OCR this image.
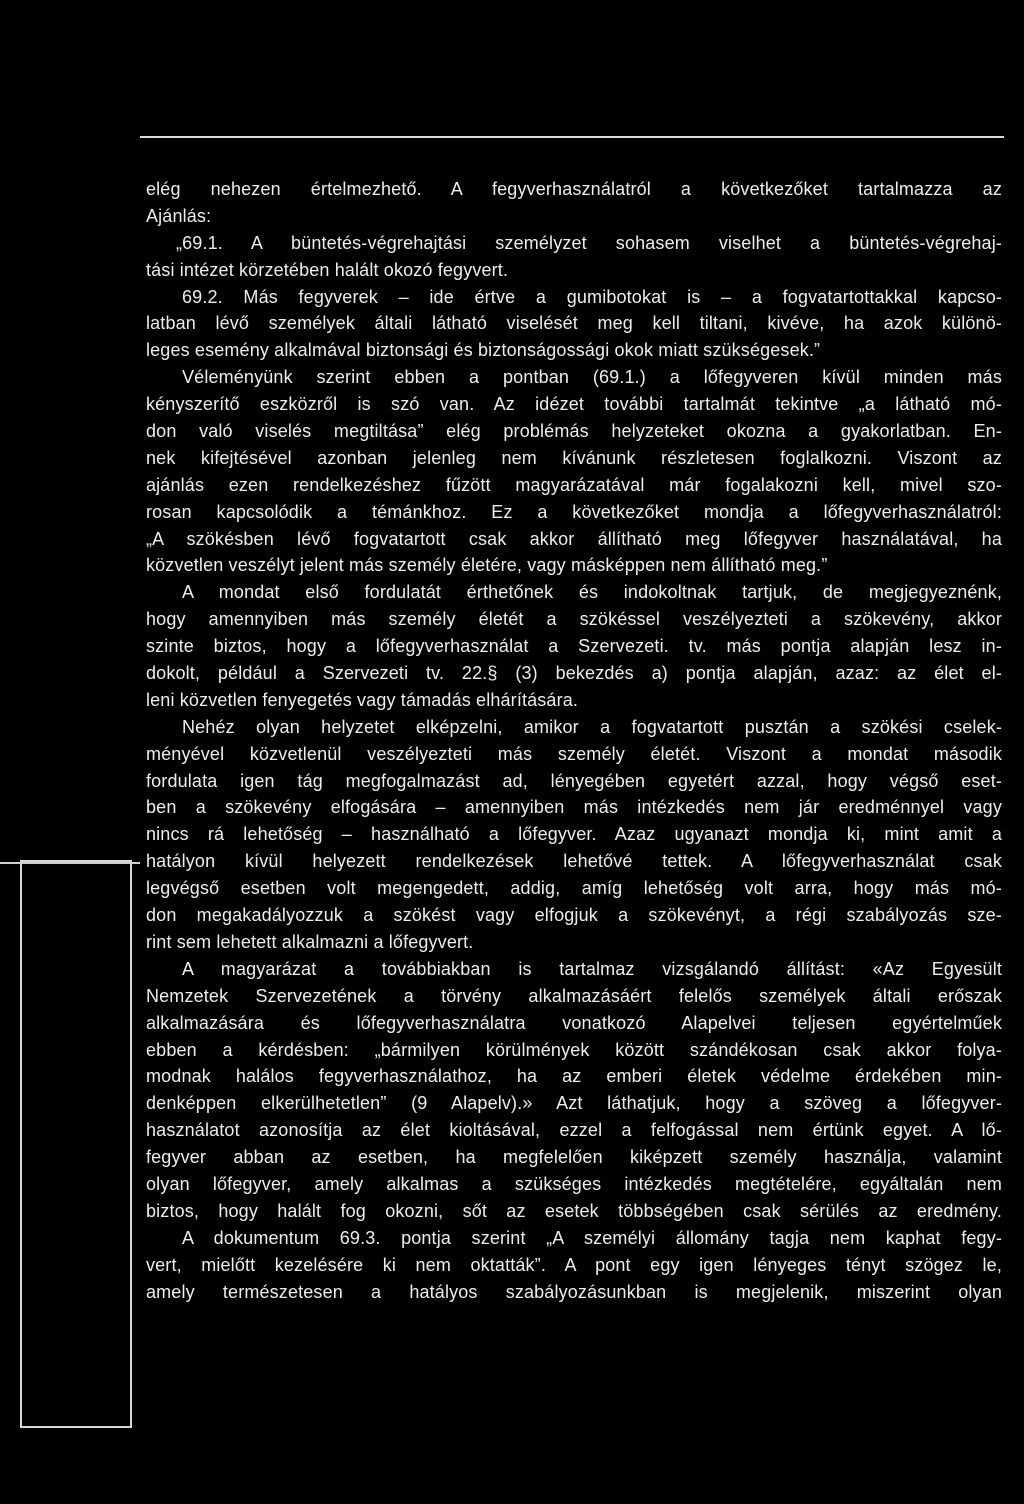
elég nehezen értelmezhető. A fegyverhasználatról a következőket tartalmazza az
Ajánlás:
„69.1. A büntetés-végrehajtási személyzet sohasem viselhet a büntetés-végrehaj-
tási intézet körzetében halált okozó fegyvert.
69.2. Más fegyverek – ide értve a gumibotokat is – a fogvatartottakkal kapcso-
latban lévő személyek általi látható viselését meg kell tiltani, kivéve, ha azok különö-
leges esemény alkalmával biztonsági és biztonságossági okok miatt szükségesek.”
Véleményünk szerint ebben a pontban (69.1.) a lőfegyveren kívül minden más
kényszerítő eszközről is szó van. Az idézet további tartalmát tekintve „a látható mó-
don való viselés megtiltása” elég problémás helyzeteket okozna a gyakorlatban. En-
nek kifejtésével azonban jelenleg nem kívánunk részletesen foglalkozni. Viszont az
ajánlás ezen rendelkezéshez fűzött magyarázatával már fogalakozni kell, mivel szo-
rosan kapcsolódik a témánkhoz. Ez a következőket mondja a lőfegyverhasználatról:
„A szökésben lévő fogvatartott csak akkor állítható meg lőfegyver használatával, ha
közvetlen veszélyt jelent más személy életére, vagy másképpen nem állítható meg.”
A mondat első fordulatát érthetőnek és indokoltnak tartjuk, de megjegyeznénk,
hogy amennyiben más személy életét a szökéssel veszélyezteti a szökevény, akkor
szinte biztos, hogy a lőfegyverhasználat a Szervezeti. tv. más pontja alapján lesz in-
dokolt, például a Szervezeti tv. 22.§ (3) bekezdés a) pontja alapján, azaz: az élet el-
leni közvetlen fenyegetés vagy támadás elhárítására.
Nehéz olyan helyzetet elképzelni, amikor a fogvatartott pusztán a szökési cselek-
ményével közvetlenül veszélyezteti más személy életét. Viszont a mondat második
fordulata igen tág megfogalmazást ad, lényegében egyetért azzal, hogy végső eset-
ben a szökevény elfogására – amennyiben más intézkedés nem jár eredménnyel vagy
nincs rá lehetőség – használható a lőfegyver. Azaz ugyanazt mondja ki, mint amit a
hatályon kívül helyezett rendelkezések lehetővé tettek. A lőfegyverhasználat csak
legvégső esetben volt megengedett, addig, amíg lehetőség volt arra, hogy más mó-
don megakadályozzuk a szökést vagy elfogjuk a szökevényt, a régi szabályozás sze-
rint sem lehetett alkalmazni a lőfegyvert.
A magyarázat a továbbiakban is tartalmaz vizsgálandó állítást: «Az Egyesült
Nemzetek Szervezetének a törvény alkalmazásáért felelős személyek általi erőszak
alkalmazására és lőfegyverhasználatra vonatkozó Alapelvei teljesen egyértelműek
ebben a kérdésben: „bármilyen körülmények között szándékosan csak akkor folya-
modnak halálos fegyverhasználathoz, ha az emberi életek védelme érdekében min-
denképpen elkerülhetetlen” (9 Alapelv).» Azt láthatjuk, hogy a szöveg a lőfegyver-
használatot azonosítja az élet kioltásával, ezzel a felfogással nem értünk egyet. A lő-
fegyver abban az esetben, ha megfelelően kiképzett személy használja, valamint
olyan lőfegyver, amely alkalmas a szükséges intézkedés megtételére, egyáltalán nem
biztos, hogy halált fog okozni, sőt az esetek többségében csak sérülés az eredmény.
A dokumentum 69.3. pontja szerint „A személyi állomány tagja nem kaphat fegy-
vert, mielőtt kezelésére ki nem oktatták”. A pont egy igen lényeges tényt szögez le,
amely természetesen a hatályos szabályozásunkban is megjelenik, miszerint olyan
